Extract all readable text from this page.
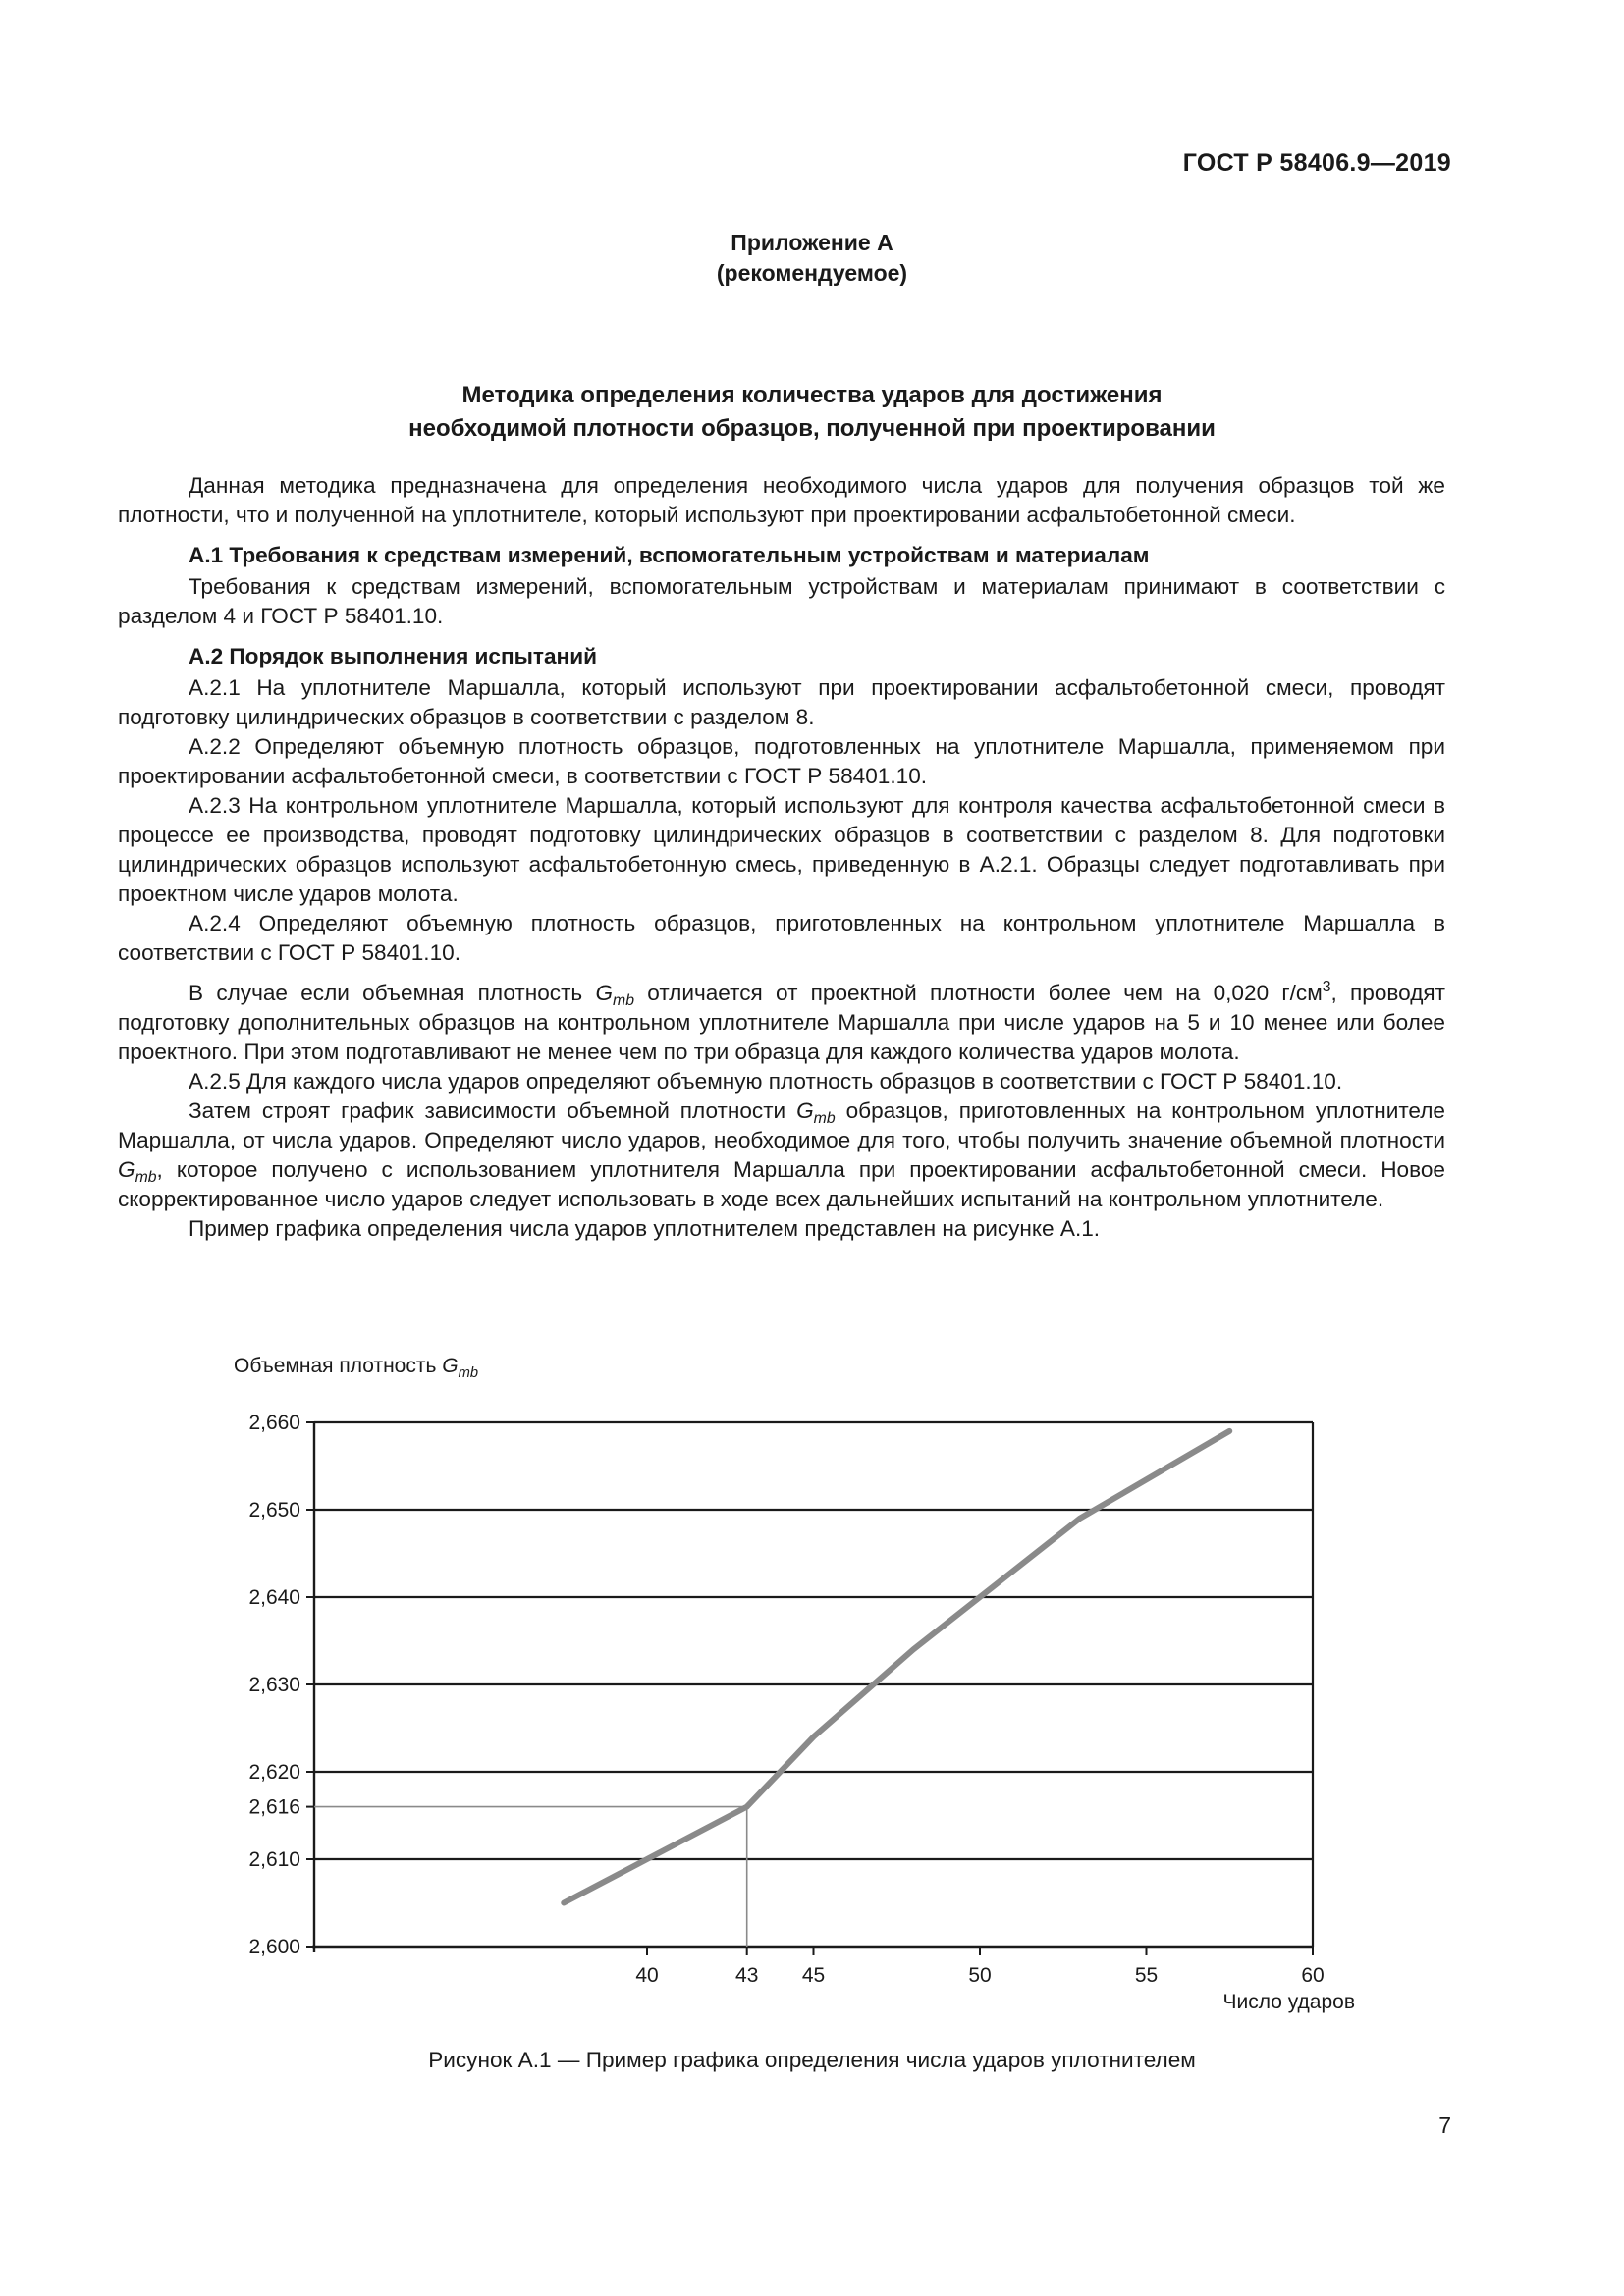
ГОСТ Р 58406.9—2019
Приложение А
(рекомендуемое)
Методика определения количества ударов для достижения
необходимой плотности образцов, полученной при проектировании

Данная методика предназначена для определения необходимого числа ударов для получения образцов той же плотности, что и полученной на уплотнителе, который используют при проектировании асфальтобетонной смеси.

А.1 Требования к средствам измерений, вспомогательным устройствам и материалам

Требования к средствам измерений, вспомогательным устройствам и материалам принимают в соответствии с разделом 4 и ГОСТ Р 58401.10.

А.2 Порядок выполнения испытаний

А.2.1 На уплотнителе Маршалла, который используют при проектировании асфальтобетонной смеси, проводят подготовку цилиндрических образцов в соответствии с разделом 8.

А.2.2 Определяют объемную плотность образцов, подготовленных на уплотнителе Маршалла, применяемом при проектировании асфальтобетонной смеси, в соответствии с ГОСТ Р 58401.10.

А.2.3 На контрольном уплотнителе Маршалла, который используют для контроля качества асфальтобетонной смеси в процессе ее производства, проводят подготовку цилиндрических образцов в соответствии с разделом 8. Для подготовки цилиндрических образцов используют асфальтобетонную смесь, приведенную в А.2.1. Образцы следует подготавливать при проектном числе ударов молота.

А.2.4 Определяют объемную плотность образцов, приготовленных на контрольном уплотнителе Маршалла в соответствии с ГОСТ Р 58401.10.

В случае если объемная плотность $G_{mb}$ отличается от проектной плотности более чем на 0,020 $г/см^3$, проводят подготовку дополнительных образцов на контрольном уплотнителе Маршалла при числе ударов на 5 и 10 менее или более проектного. При этом подготавливают не менее чем по три образца для каждого количества ударов молота.

А.2.5 Для каждого числа ударов определяют объемную плотность образцов в соответствии с ГОСТ Р 58401.10.

Затем строят график зависимости объемной плотности $G_{mb}$ образцов, приготовленных на контрольном уплотнителе Маршалла, от числа ударов. Определяют число ударов, необходимое для того, чтобы получить значение объемной плотности $G_{mb}$, которое получено с использованием уплотнителя Маршалла при проектировании асфальтобетонной смеси. Новое скорректированное число ударов следует использовать в ходе всех дальнейших испытаний на контрольном уплотнителе.

Пример графика определения числа ударов уплотнителем представлен на рисунке А.1.

Объемная плотность $G_{mb}$
2,600
2,610
2,616
2,620
2,630
2,640
2,650
2,660
40	43 45	50	55	60
Число ударов
Рисунок А.1 — Пример графика определения числа ударов уплотнителем
7
